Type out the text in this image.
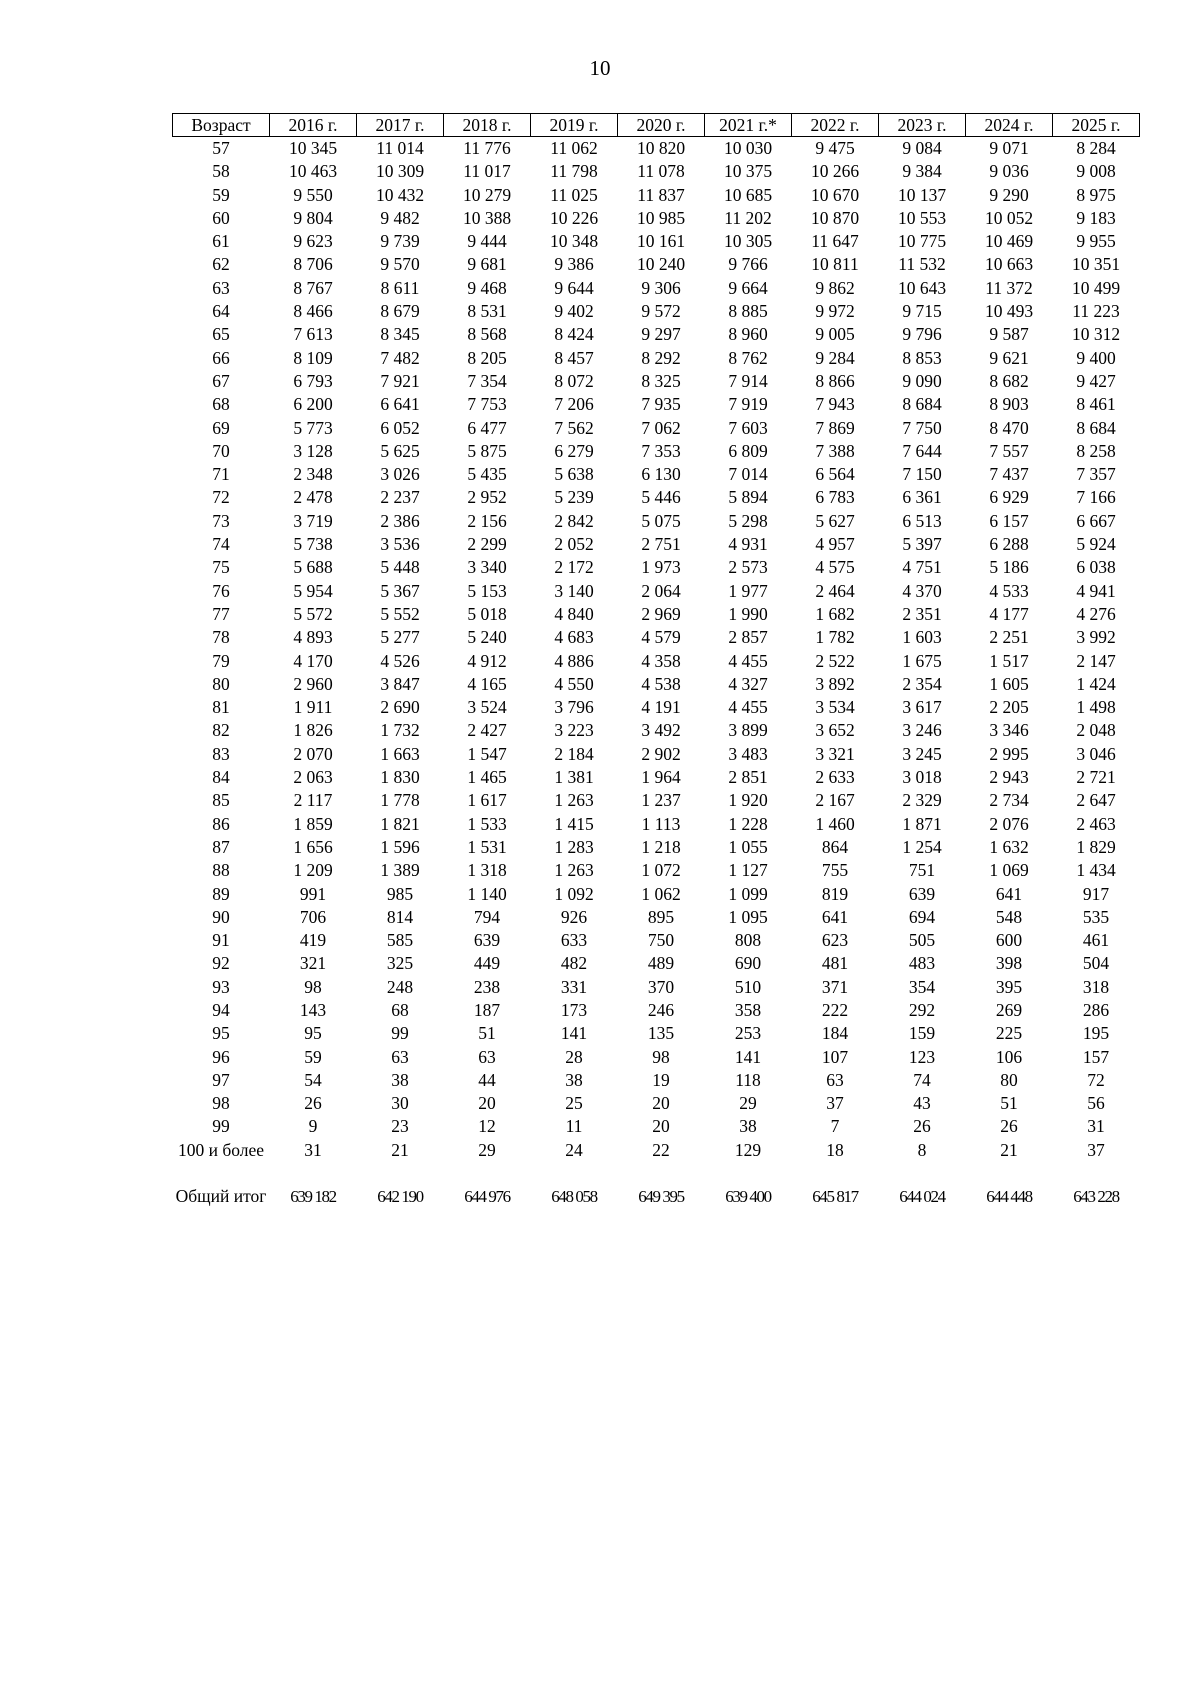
10
Возраст	2016 г.	2017 г.	2018 г.	2019 г.	2020 г.	2021 г.*	2022 г.	2023 г.	2024 г.	2025 г.
57	10 345	11 014	11 776	11 062	10 820	10 030	9 475	9 084	9 071	8 284
58	10 463	10 309	11 017	11 798	11 078	10 375	10 266	9 384	9 036	9 008
59	9 550	10 432	10 279	11 025	11 837	10 685	10 670	10 137	9 290	8 975
60	9 804	9 482	10 388	10 226	10 985	11 202	10 870	10 553	10 052	9 183
61	9 623	9 739	9 444	10 348	10 161	10 305	11 647	10 775	10 469	9 955
62	8 706	9 570	9 681	9 386	10 240	9 766	10 811	11 532	10 663	10 351
63	8 767	8 611	9 468	9 644	9 306	9 664	9 862	10 643	11 372	10 499
64	8 466	8 679	8 531	9 402	9 572	8 885	9 972	9 715	10 493	11 223
65	7 613	8 345	8 568	8 424	9 297	8 960	9 005	9 796	9 587	10 312
66	8 109	7 482	8 205	8 457	8 292	8 762	9 284	8 853	9 621	9 400
67	6 793	7 921	7 354	8 072	8 325	7 914	8 866	9 090	8 682	9 427
68	6 200	6 641	7 753	7 206	7 935	7 919	7 943	8 684	8 903	8 461
69	5 773	6 052	6 477	7 562	7 062	7 603	7 869	7 750	8 470	8 684
70	3 128	5 625	5 875	6 279	7 353	6 809	7 388	7 644	7 557	8 258
71	2 348	3 026	5 435	5 638	6 130	7 014	6 564	7 150	7 437	7 357
72	2 478	2 237	2 952	5 239	5 446	5 894	6 783	6 361	6 929	7 166
73	3 719	2 386	2 156	2 842	5 075	5 298	5 627	6 513	6 157	6 667
74	5 738	3 536	2 299	2 052	2 751	4 931	4 957	5 397	6 288	5 924
75	5 688	5 448	3 340	2 172	1 973	2 573	4 575	4 751	5 186	6 038
76	5 954	5 367	5 153	3 140	2 064	1 977	2 464	4 370	4 533	4 941
77	5 572	5 552	5 018	4 840	2 969	1 990	1 682	2 351	4 177	4 276
78	4 893	5 277	5 240	4 683	4 579	2 857	1 782	1 603	2 251	3 992
79	4 170	4 526	4 912	4 886	4 358	4 455	2 522	1 675	1 517	2 147
80	2 960	3 847	4 165	4 550	4 538	4 327	3 892	2 354	1 605	1 424
81	1 911	2 690	3 524	3 796	4 191	4 455	3 534	3 617	2 205	1 498
82	1 826	1 732	2 427	3 223	3 492	3 899	3 652	3 246	3 346	2 048
83	2 070	1 663	1 547	2 184	2 902	3 483	3 321	3 245	2 995	3 046
84	2 063	1 830	1 465	1 381	1 964	2 851	2 633	3 018	2 943	2 721
85	2 117	1 778	1 617	1 263	1 237	1 920	2 167	2 329	2 734	2 647
86	1 859	1 821	1 533	1 415	1 113	1 228	1 460	1 871	2 076	2 463
87	1 656	1 596	1 531	1 283	1 218	1 055	864	1 254	1 632	1 829
88	1 209	1 389	1 318	1 263	1 072	1 127	755	751	1 069	1 434
89	991	985	1 140	1 092	1 062	1 099	819	639	641	917
90	706	814	794	926	895	1 095	641	694	548	535
91	419	585	639	633	750	808	623	505	600	461
92	321	325	449	482	489	690	481	483	398	504
93	98	248	238	331	370	510	371	354	395	318
94	143	68	187	173	246	358	222	292	269	286
95	95	99	51	141	135	253	184	159	225	195
96	59	63	63	28	98	141	107	123	106	157
97	54	38	44	38	19	118	63	74	80	72
98	26	30	20	25	20	29	37	43	51	56
99	9	23	12	11	20	38	7	26	26	31
100 и более	31	21	29	24	22	129	18	8	21	37
Общий итог	639 182	642 190	644 976	648 058	649 395	639 400	645 817	644 024	644 448	643 228
